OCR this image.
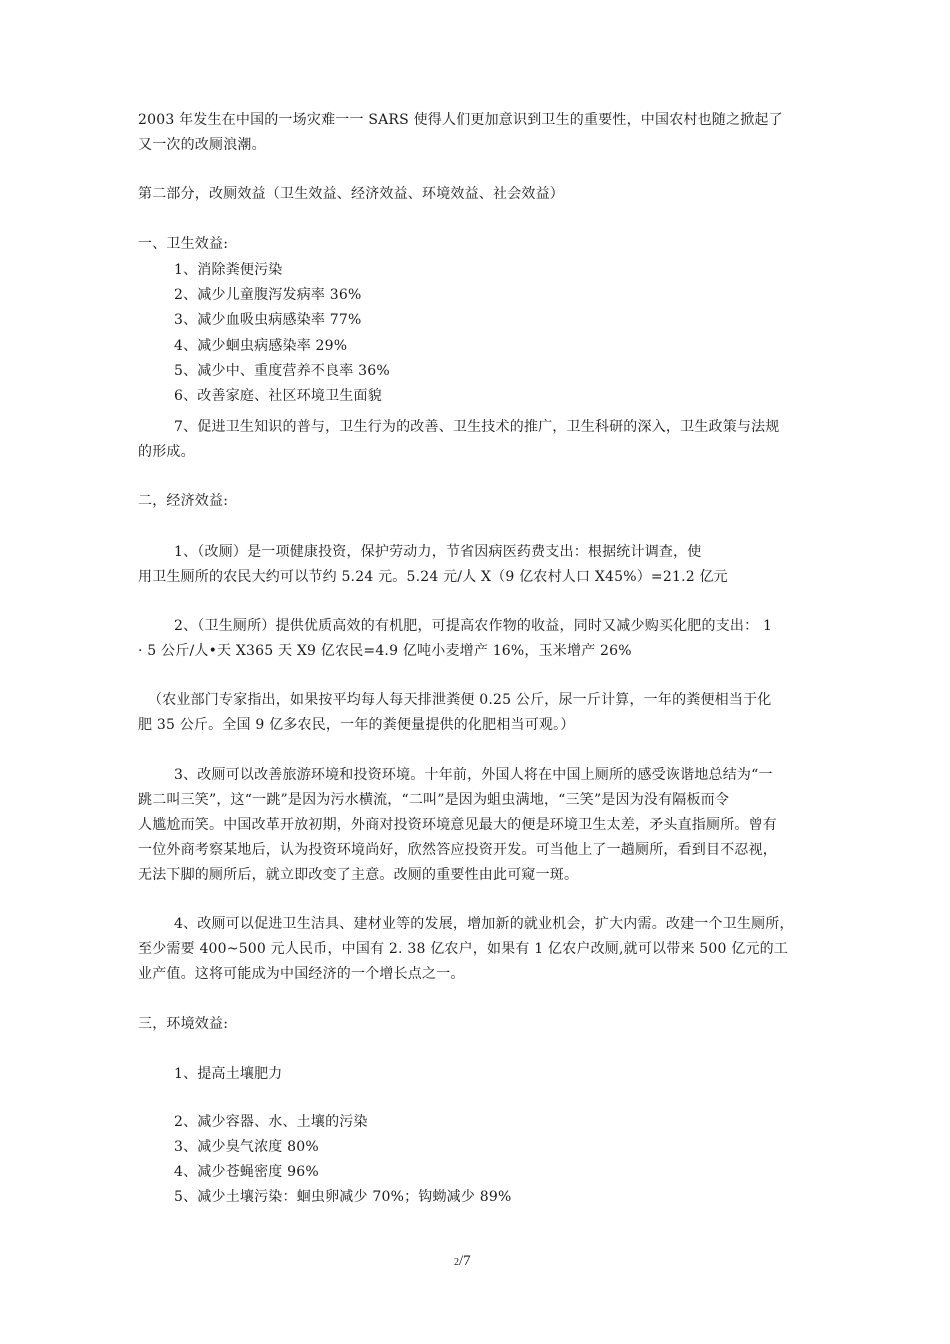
2003 年发生在中国的一场灾难一一 SARS 使得人们更加意识到卫生的重要性，中国农村也随之掀起了
又一次的改厕浪潮。
第二部分，改厕效益（卫生效益、经济效益、环境效益、社会效益）
一、卫生效益:
1、消除粪便污染
2、减少儿童腹泻发病率 36%
3、减少血吸虫病感染率 77%
4、减少蛔虫病感染率 29%
5、减少中、重度营养不良率 36%
6、改善家庭、社区环境卫生面貌
7、促进卫生知识的普与，卫生行为的改善、卫生技术的推广，卫生科研的深入，卫生政策与法规
的形成。
二，经济效益:
1、（改厕）是一项健康投资，保护劳动力，节省因病医药费支出：根据统计调查，使
用卫生厕所的农民大约可以节约 5.24 元。5.24 元/人 X（9 亿农村人口 X45%）=21.2 亿元
2、（卫生厕所）提供优质高效的有机肥，可提高农作物的收益，同时又减少购买化肥的支出： 1
· 5 公斤/人•天 X365 天 X9 亿农民=4.9 亿吨小麦增产 16%，玉米增产 26%
（农业部门专家指出，如果按平均每人每天排泄粪便 0.25 公斤，尿一斤计算，一年的粪便相当于化
肥 35 公斤。全国 9 亿多农民，一年的粪便量提供的化肥相当可观。）
3、改厕可以改善旅游环境和投资环境。十年前，外国人将在中国上厕所的感受诙谐地总结为“一
跳二叫三笑”，这“一跳”是因为污水横流，“二叫”是因为蛆虫满地，“三笑”是因为没有隔板而令
人尴尬而笑。中国改革开放初期，外商对投资环境意见最大的便是环境卫生太差，矛头直指厕所。曾有
一位外商考察某地后，认为投资环境尚好，欣然答应投资开发。可当他上了一趟厕所，看到目不忍视，
无法下脚的厕所后，就立即改变了主意。改厕的重要性由此可窥一斑。
4、改厕可以促进卫生洁具、建材业等的发展，增加新的就业机会，扩大内需。改建一个卫生厕所，
至少需要 400~500 元人民币，中国有 2. 38 亿农户，如果有 1 亿农户改厕,就可以带来 500 亿元的工
业产值。这将可能成为中国经济的一个增长点之一。
三，环境效益:
1、提高土壤肥力
2、减少容器、水、土壤的污染
3、减少臭气浓度 80%
4、减少苍蝇密度 96%
5、减少土壤污染：蛔虫卵减少 70%；钩蚴减少 89%
2/7
